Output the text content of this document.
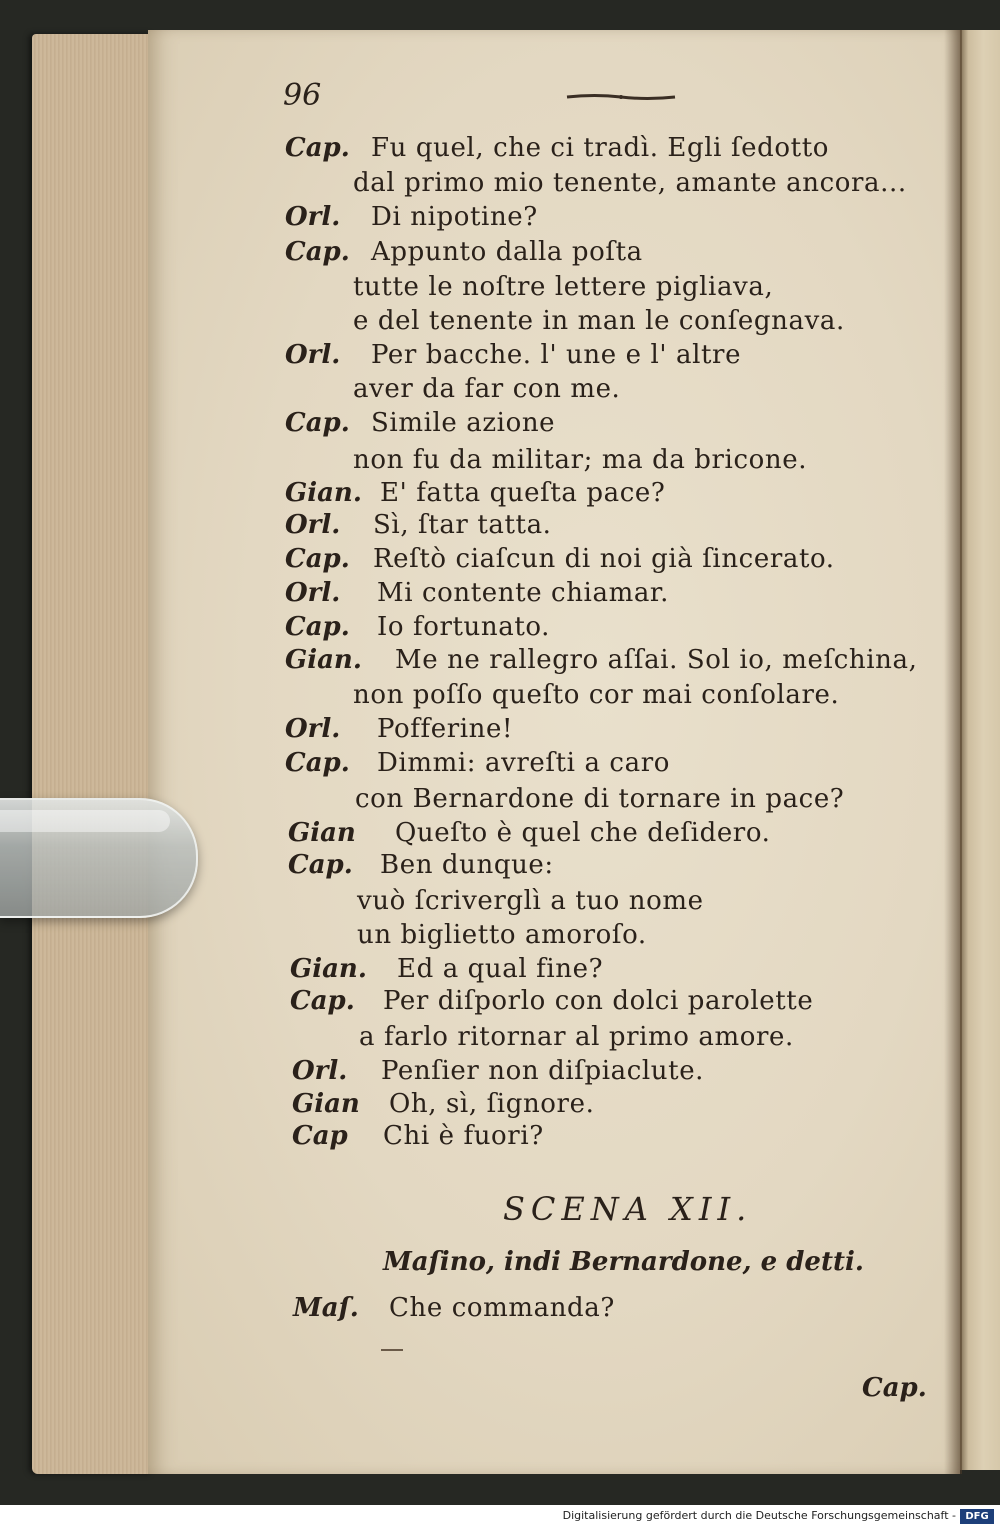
96
Cap. Fu quel, che ci tradì. Egli ſedotto
dal primo mio tenente, amante ancora...
Orl. Di nipotine?
Cap. Appunto dalla poſta
tutte le noſtre lettere pigliava,
e del tenente in man le conſegnava.
Orl. Per bacche. l' une e l' altre
aver da far con me.
Cap. Simile azione
non fu da militar; ma da bricone.
Gian. E' fatta queſta pace?
Orl. Sì, ſtar tatta.
Cap. Reſtò ciaſcun di noi già ſincerato.
Orl. Mi contente chiamar.
Cap. Io fortunato.
Gian. Me ne rallegro aſſai. Sol io, meſchina,
non poſſo queſto cor mai conſolare.
Orl. Pofferine!
Cap. Dimmi: avreſti a caro
con Bernardone di tornare in pace?
Gian Queſto è quel che deſidero.
Cap. Ben dunque:
vuò ſcriverglì a tuo nome
un biglietto amoroſo.
Gian. Ed a qual fine?
Cap. Per diſporlo con dolci parolette
a farlo ritornar al primo amore.
Orl. Penſier non diſpiaclute.
Gian Oh, sì, ſignore.
Cap Chi è fuori?
SCENA XII.
Maſino, indi Bernardone, e detti.
Maſ. Che commanda?
Cap.
Digitalisierung gefördert durch die Deutsche Forschungsgemeinschaft - DFG
